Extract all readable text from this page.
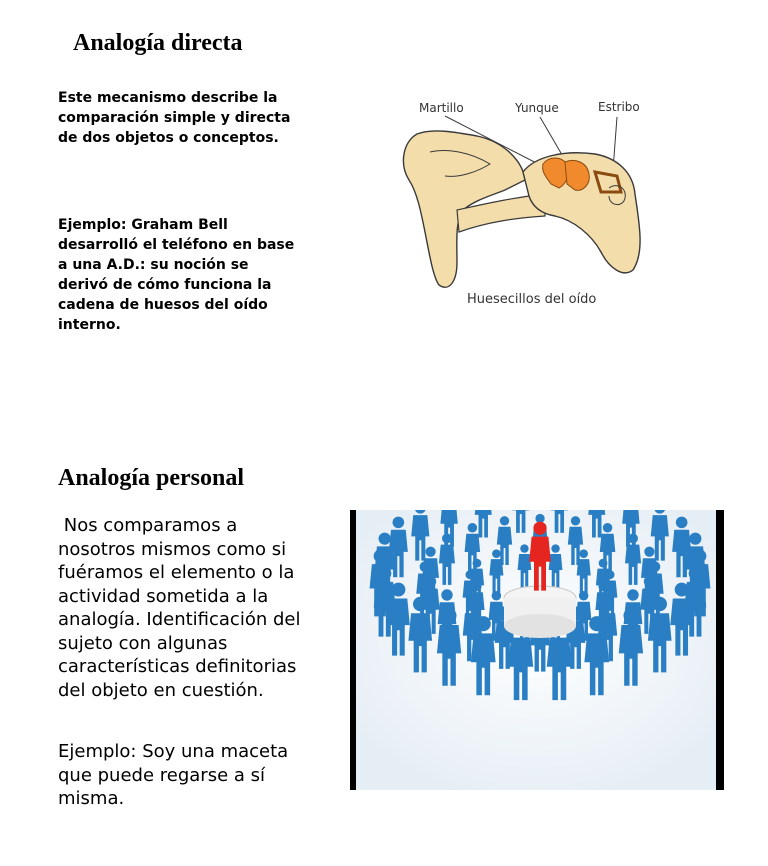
Analogía directa

Este mecanismo describe la comparación simple y directa de dos objetos o conceptos.

Ejemplo: Graham Bell desarrolló el teléfono en base a una A.D.: su noción se derivó de cómo funciona la cadena de huesos del oído interno.

Martillo	Yunque	Estribo
Huesecillos del oído
Analogía personal

Nos comparamos a nosotros mismos como si fuéramos el elemento o la actividad sometida a la analogía. Identificación del sujeto con algunas características definitorias del objeto en cuestión.

Ejemplo: Soy una maceta que puede regarse a sí misma.
